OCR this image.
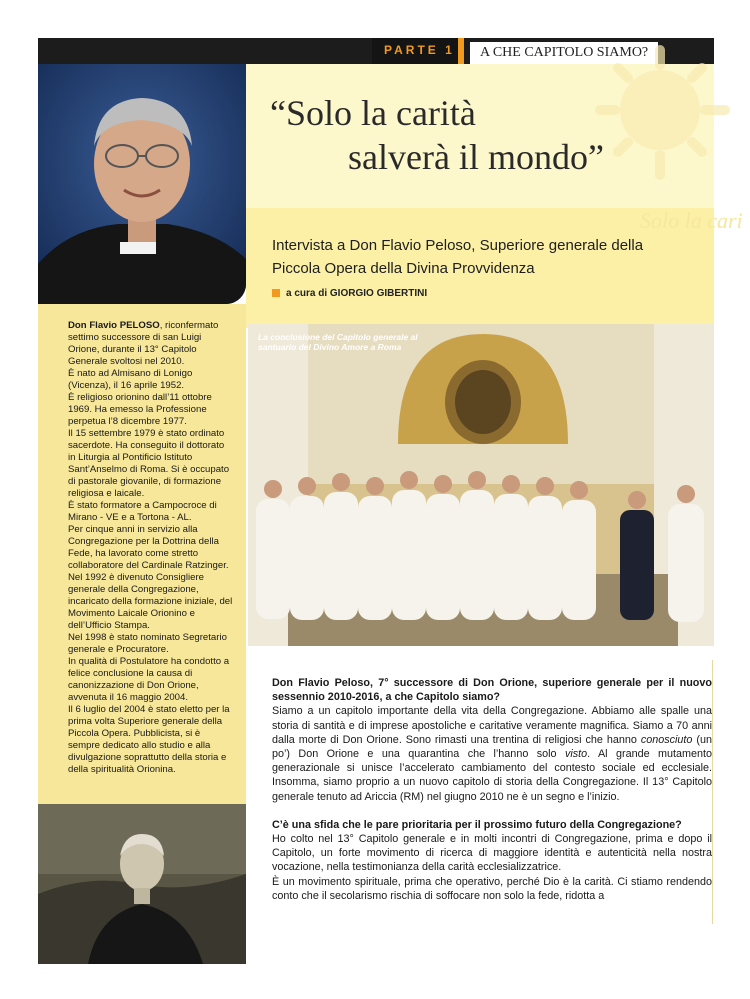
PARTE 1	A CHE CAPITOLO SIAMO?
“Solo la carità
salverà il mondo”
Solo la cari
Intervista a Don Flavio Peloso, Superiore generale della Piccola Opera della Divina Provvidenza
a cura di GIORGIO GIBERTINI

Don Flavio PELOSO, riconfermato settimo successore di san Luigi Orione, durante il 13° Capitolo Generale svoltosi nel 2010.

È nato ad Almisano di Lonigo (Vicenza), il 16 aprile 1952.

È religioso orionino dall’11 ottobre 1969. Ha emesso la Professione perpetua l’8 dicembre 1977.

Il 15 settembre 1979 è stato ordinato sacerdote. Ha conseguito il dottorato in Liturgia al Pontificio Istituto Sant’Anselmo di Roma. Si è occupato di pastorale giovanile, di formazione religiosa e laicale.

È stato formatore a Campocroce di Mirano - VE e a Tortona - AL.

Per cinque anni in servizio alla Congregazione per la Dottrina della Fede, ha lavorato come stretto collaboratore del Cardinale Ratzinger. Nel 1992 è divenuto Consigliere generale della Congregazione, incaricato della formazione iniziale, del Movimento Laicale Orionino e dell’Ufficio Stampa.

Nel 1998 è stato nominato Segretario generale e Procuratore.

In qualità di Postulatore ha condotto a felice conclusione la causa di canonizzazione di Don Orione, avvenuta il 16 maggio 2004.

Il 6 luglio del 2004 è stato eletto per la prima volta Superiore generale della Piccola Opera. Pubblicista, si è sempre dedicato allo studio e alla divulgazione soprattutto della storia e della spiritualità Orionina.

La conclusione del Capitolo generale al santuario del Divino Amore a Roma

Don Flavio Peloso, 7° successore di Don Orione, superiore generale per il nuovo sessennio 2010-2016, a che Capitolo siamo?

Siamo a un capitolo importante della vita della Congregazione. Abbiamo alle spalle una storia di santità e di imprese apostoliche e caritative veramente magnifica. Siamo a 70 anni dalla morte di Don Orione. Sono rimasti una trentina di religiosi che hanno conosciuto (un po’) Don Orione e una quarantina che l’hanno solo visto. Al grande mutamento generazionale si unisce l’accelerato cambiamento del contesto sociale ed ecclesiale. Insomma, siamo proprio a un nuovo capitolo di storia della Congregazione. Il 13° Capitolo generale tenuto ad Ariccia (RM) nel giugno 2010 ne è un segno e l’inizio.

C’è una sfida che le pare prioritaria per il prossimo futuro della Congregazione?

Ho colto nel 13° Capitolo generale e in molti incontri di Congregazione, prima e dopo il Capitolo, un forte movimento di ricerca di maggiore identità e autenticità nella nostra vocazione, nella testimonianza della carità ecclesializzatrice.

È un movimento spirituale, prima che operativo, perché Dio è la carità. Ci stiamo rendendo conto che il secolarismo rischia di soffocare non solo la fede, ridotta a
